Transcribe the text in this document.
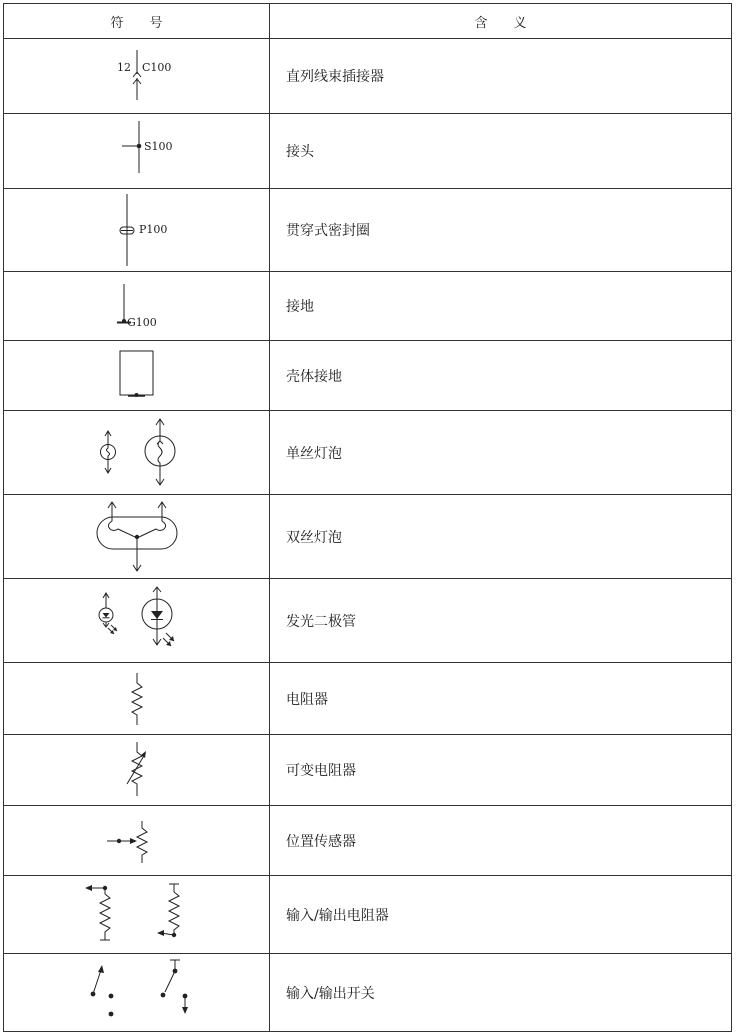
符　　号	含　　义

12 C100	直列线束插接器

S100	接头

P100	贯穿式密封圈

G100	接地

	壳体接地

	单丝灯泡

	双丝灯泡

	发光二极管

	电阻器

	可变电阻器

	位置传感器

	输入/输出电阻器

	输入/输出开关
